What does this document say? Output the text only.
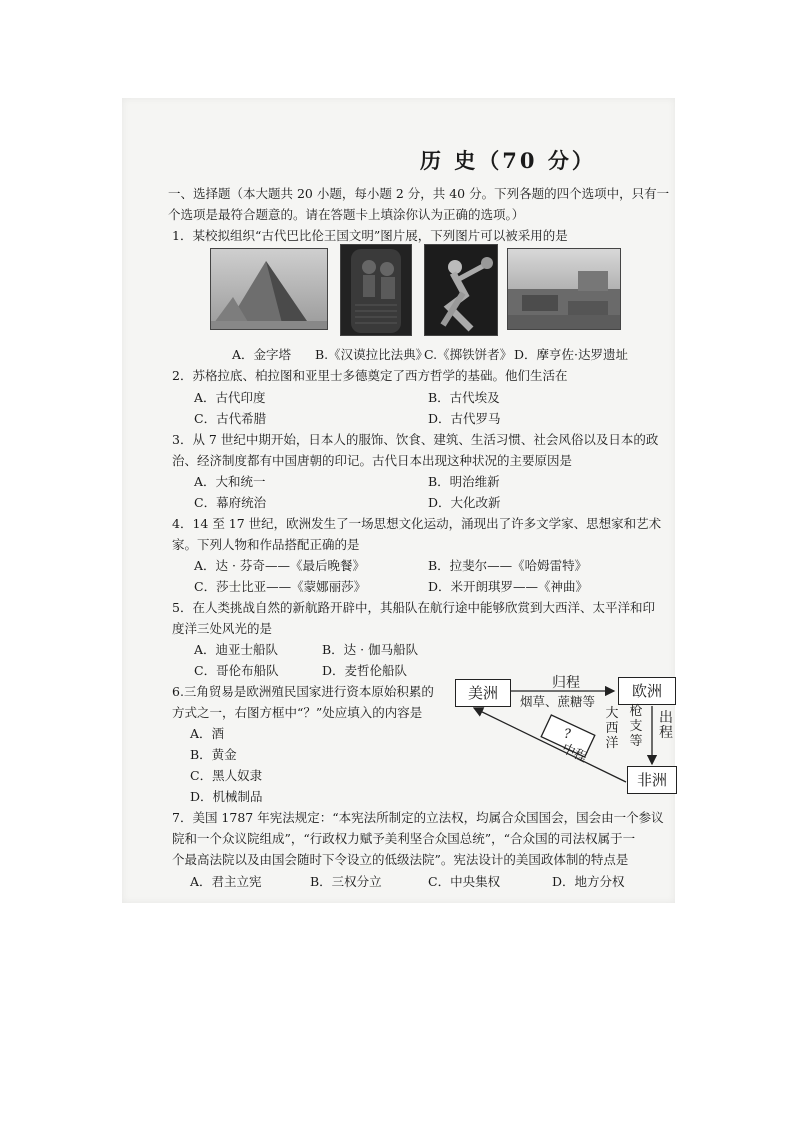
历 史（70 分）
一、选择题（本大题共 20 小题，每小题 2 分，共 40 分。下列各题的四个选项中，只有一
个选项是最符合题意的。请在答题卡上填涂你认为正确的选项。）
1．某校拟组织“古代巴比伦王国文明”图片展，下列图片可以被采用的是
A．金字塔 B.《汉谟拉比法典》
C.《掷铁饼者》 D．摩亨佐·达罗遗址
2．苏格拉底、柏拉图和亚里士多德奠定了西方哲学的基础。他们生活在
A．古代印度	B．古代埃及
C．古代希腊	D．古代罗马
3．从 7 世纪中期开始，日本人的服饰、饮食、建筑、生活习惯、社会风俗以及日本的政
治、经济制度都有中国唐朝的印记。古代日本出现这种状况的主要原因是
A．大和统一	B．明治维新
C．幕府统治	D．大化改新
4．14 至 17 世纪，欧洲发生了一场思想文化运动，涌现出了许多文学家、思想家和艺术
家。下列人物和作品搭配正确的是
A．达 · 芬奇——《最后晚餐》	B．拉斐尔——《哈姆雷特》
C．莎士比亚——《蒙娜丽莎》	D．米开朗琪罗——《神曲》
5．在人类挑战自然的新航路开辟中，其船队在航行途中能够欣赏到大西洋、太平洋和印
度洋三处风光的是
A．迪亚士船队	B．达 · 伽马船队
C．哥伦布船队	D．麦哲伦船队
6.三角贸易是欧洲殖民国家进行资本原始积累的
方式之一，右图方框中“？”处应填入的内容是
A．酒
B．黄金
C．黑人奴隶
D．机械制品
美洲	欧洲
非洲
归程
烟草、蔗糖等
出程
枪支等
大西洋
中程
?
7．美国 1787 年宪法规定：“本宪法所制定的立法权，均属合众国国会，国会由一个参议
院和一个众议院组成”，“行政权力赋予美利坚合众国总统”，“合众国的司法权属于一
个最高法院以及由国会随时下令设立的低级法院”。宪法设计的美国政体制的特点是
A．君主立宪	B．三权分立	C．中央集权	D．地方分权
